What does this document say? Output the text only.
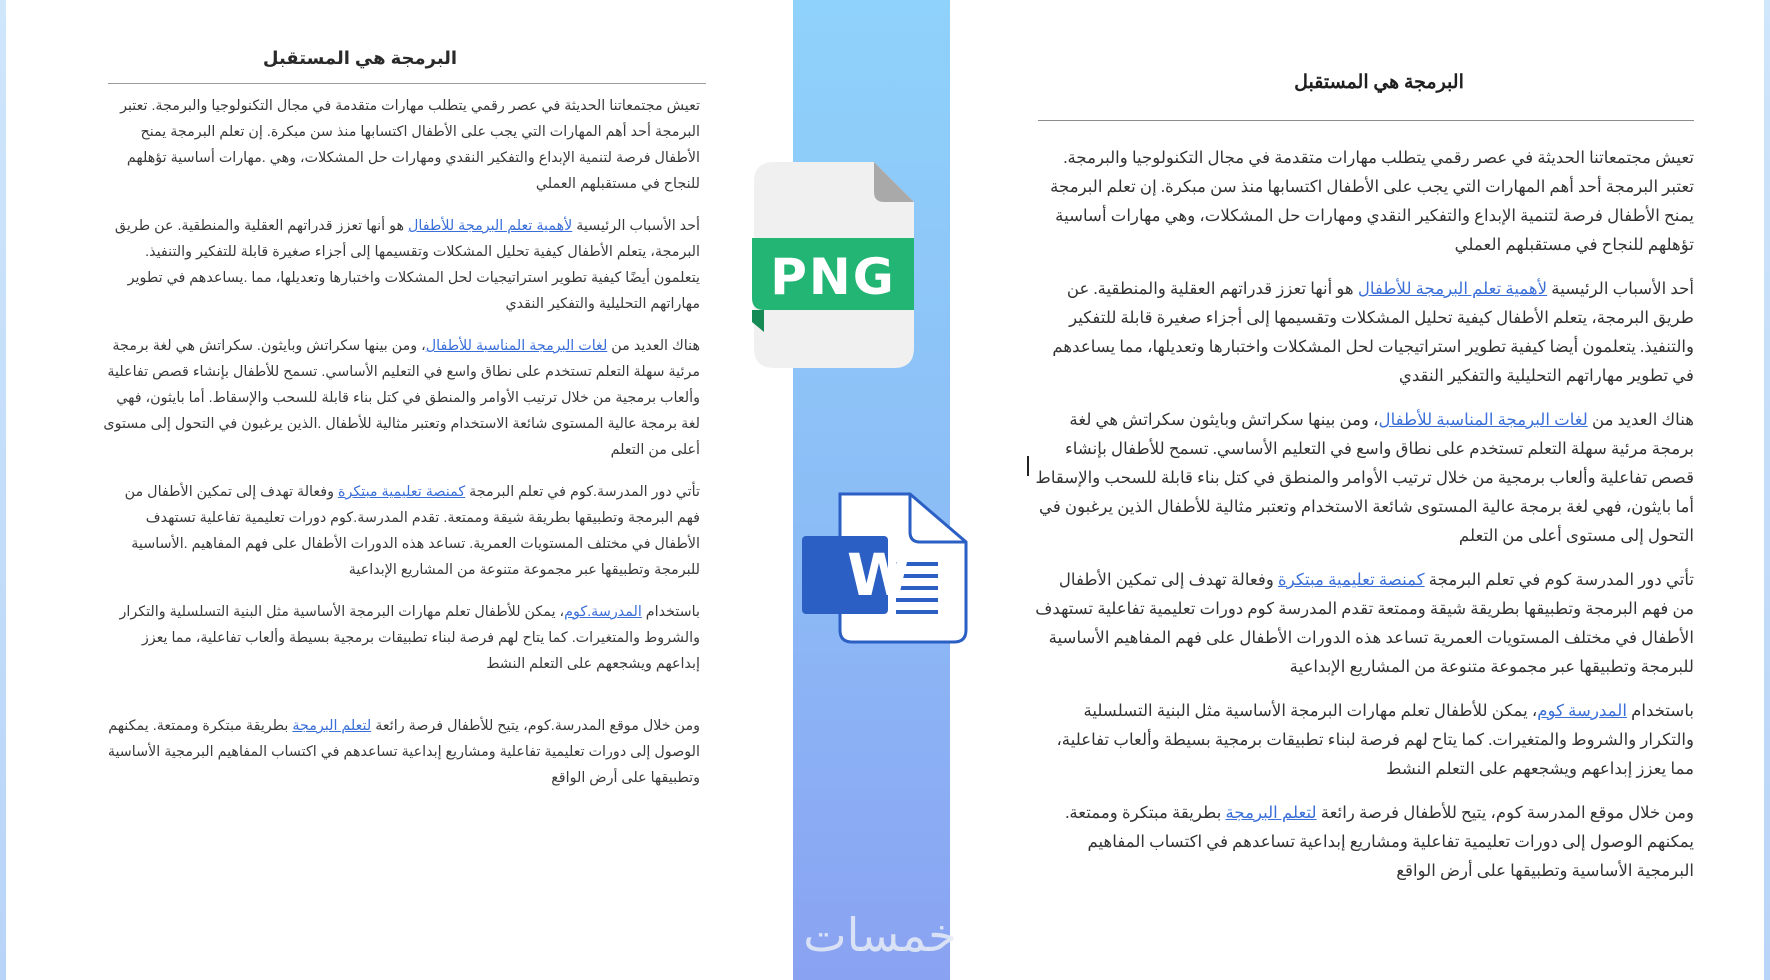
البرمجة هي المستقبل

تعيش مجتمعاتنا الحديثة في عصر رقمي يتطلب مهارات متقدمة في مجال التكنولوجيا والبرمجة. تعتبر البرمجة أحد أهم المهارات التي يجب على الأطفال اكتسابها منذ سن مبكرة. إن تعلم البرمجة يمنح الأطفال فرصة لتنمية الإبداع والتفكير النقدي ومهارات حل المشكلات، وهي .مهارات أساسية تؤهلهم للنجاح في مستقبلهم العملي

أحد الأسباب الرئيسية لأهمية تعلم البرمجة للأطفال هو أنها تعزز قدراتهم العقلية والمنطقية. عن طريق البرمجة، يتعلم الأطفال كيفية تحليل المشكلات وتقسيمها إلى أجزاء صغيرة قابلة للتفكير والتنفيذ. يتعلمون أيضًا كيفية تطوير استراتيجيات لحل المشكلات واختبارها وتعديلها، مما .يساعدهم في تطوير مهاراتهم التحليلية والتفكير النقدي

هناك العديد من لغات البرمجة المناسبة للأطفال، ومن بينها سكراتش وبايثون. سكراتش هي لغة برمجة مرئية سهلة التعلم تستخدم على نطاق واسع في التعليم الأساسي. تسمح للأطفال بإنشاء قصص تفاعلية وألعاب برمجية من خلال ترتيب الأوامر والمنطق في كتل بناء قابلة للسحب والإسقاط. أما بايثون، فهي لغة برمجة عالية المستوى شائعة الاستخدام وتعتبر مثالية للأطفال .الذين يرغبون في التحول إلى مستوى أعلى من التعلم

تأتي دور المدرسة.كوم في تعلم البرمجة كمنصة تعليمية مبتكرة وفعالة تهدف إلى تمكين الأطفال من فهم البرمجة وتطبيقها بطريقة شيقة وممتعة. تقدم المدرسة.كوم دورات تعليمية تفاعلية تستهدف الأطفال في مختلف المستويات العمرية. تساعد هذه الدورات الأطفال على فهم المفاهيم .الأساسية للبرمجة وتطبيقها عبر مجموعة متنوعة من المشاريع الإبداعية

باستخدام المدرسة.كوم، يمكن للأطفال تعلم مهارات البرمجة الأساسية مثل البنية التسلسلية والتكرار والشروط والمتغيرات. كما يتاح لهم فرصة لبناء تطبيقات برمجية بسيطة وألعاب تفاعلية، مما يعزز إبداعهم ويشجعهم على التعلم النشط

ومن خلال موقع المدرسة.كوم، يتيح للأطفال فرصة رائعة لتعلم البرمجة بطريقة مبتكرة وممتعة. يمكنهم الوصول إلى دورات تعليمية تفاعلية ومشاريع إبداعية تساعدهم في اكتساب المفاهيم البرمجية الأساسية وتطبيقها على أرض الواقع

البرمجة هي المستقبل

تعيش مجتمعاتنا الحديثة في عصر رقمي يتطلب مهارات متقدمة في مجال التكنولوجيا والبرمجة. تعتبر البرمجة أحد أهم المهارات التي يجب على الأطفال اكتسابها منذ سن مبكرة. إن تعلم البرمجة يمنح الأطفال فرصة لتنمية الإبداع والتفكير النقدي ومهارات حل المشكلات، وهي مهارات أساسية تؤهلهم للنجاح في مستقبلهم العملي

أحد الأسباب الرئيسية لأهمية تعلم البرمجة للأطفال هو أنها تعزز قدراتهم العقلية والمنطقية. عن طريق البرمجة، يتعلم الأطفال كيفية تحليل المشكلات وتقسيمها إلى أجزاء صغيرة قابلة للتفكير والتنفيذ. يتعلمون أيضا كيفية تطوير استراتيجيات لحل المشكلات واختبارها وتعديلها، مما يساعدهم في تطوير مهاراتهم التحليلية والتفكير النقدي

هناك العديد من لغات البرمجة المناسبة للأطفال، ومن بينها سكراتش وبايثون سكراتش هي لغة برمجة مرئية سهلة التعلم تستخدم على نطاق واسع في التعليم الأساسي. تسمح للأطفال بإنشاء قصص تفاعلية وألعاب برمجية من خلال ترتيب الأوامر والمنطق في كتل بناء قابلة للسحب والإسقاط أما بايثون، فهي لغة برمجة عالية المستوى شائعة الاستخدام وتعتبر مثالية للأطفال الذين يرغبون في التحول إلى مستوى أعلى من التعلم

تأتي دور المدرسة كوم في تعلم البرمجة كمنصة تعليمية مبتكرة وفعالة تهدف إلى تمكين الأطفال من فهم البرمجة وتطبيقها بطريقة شيقة وممتعة تقدم المدرسة كوم دورات تعليمية تفاعلية تستهدف الأطفال في مختلف المستويات العمرية تساعد هذه الدورات الأطفال على فهم المفاهيم الأساسية للبرمجة وتطبيقها عبر مجموعة متنوعة من المشاريع الإبداعية

باستخدام المدرسة كوم، يمكن للأطفال تعلم مهارات البرمجة الأساسية مثل البنية التسلسلية والتكرار والشروط والمتغيرات. كما يتاح لهم فرصة لبناء تطبيقات برمجية بسيطة وألعاب تفاعلية، مما يعزز إبداعهم ويشجعهم على التعلم النشط

ومن خلال موقع المدرسة كوم، يتيح للأطفال فرصة رائعة لتعلم البرمجة بطريقة مبتكرة وممتعة. يمكنهم الوصول إلى دورات تعليمية تفاعلية ومشاريع إبداعية تساعدهم في اكتساب المفاهيم البرمجية الأساسية وتطبيقها على أرض الواقع

PNG
W
خمسات
